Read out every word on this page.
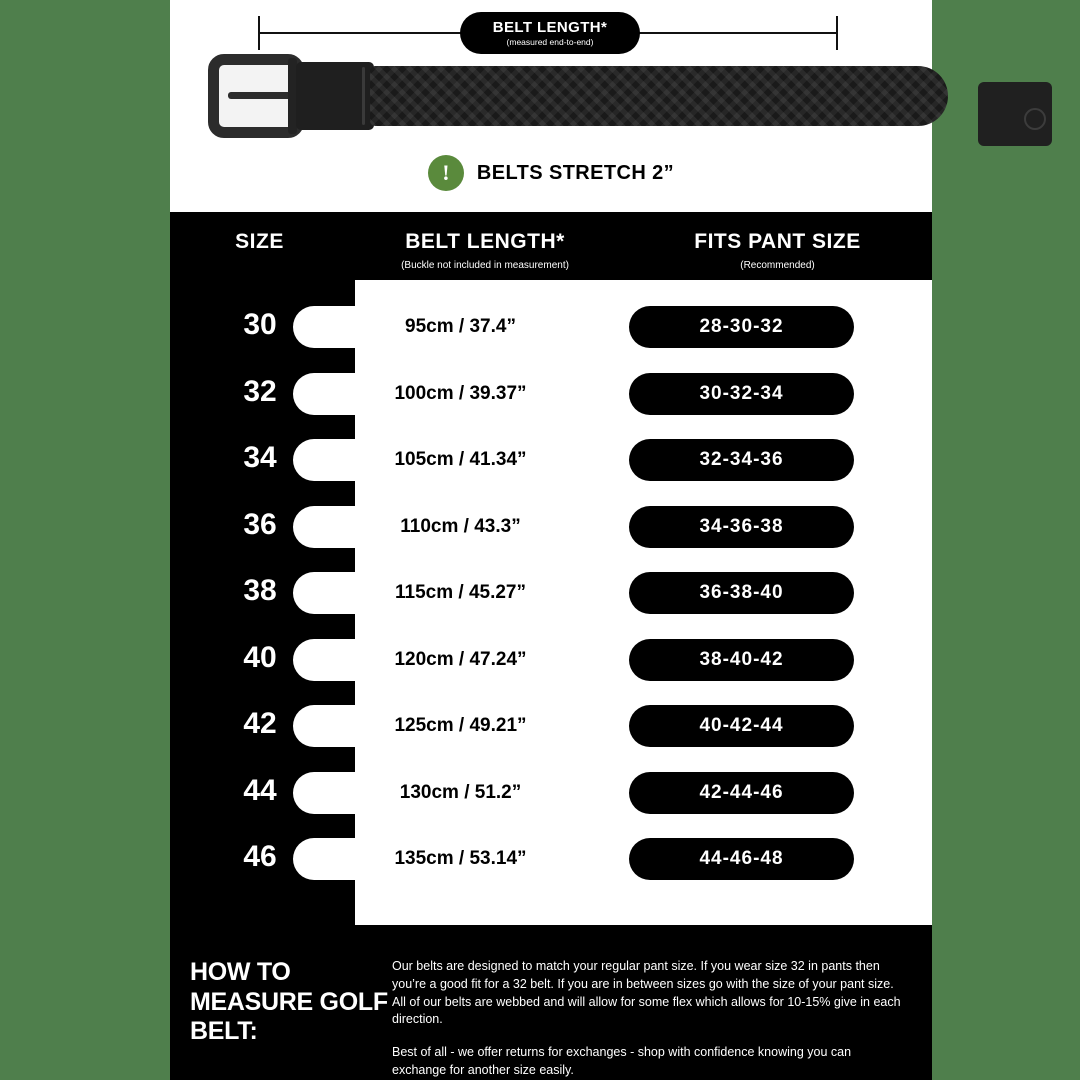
BELT LENGTH*
(measured end-to-end)
!	BELTS STRETCH 2”
SIZE	BELT LENGTH*
(Buckle not included in measurement)
FITS PANT SIZE
(Recommended)
30	95cm / 37.4”	28-30-32
32	100cm / 39.37”	30-32-34
34	105cm / 41.34”	32-34-36
36	110cm / 43.3”	34-36-38
38	115cm / 45.27”	36-38-40
40	120cm / 47.24”	38-40-42
42	125cm / 49.21”	40-42-44
44	130cm / 51.2”	42-44-46
46	135cm / 53.14”	44-46-48
HOW TO MEASURE GOLF BELT:

Our belts are designed to match your regular pant size. If you wear size 32 in pants then you’re a good fit for a 32 belt. If you are in between sizes go with the size of your pant size. All of our belts are webbed and will allow for some flex which allows for 10-15% give in each direction.

Best of all - we offer returns for exchanges - shop with confidence knowing you can exchange for another size easily.
